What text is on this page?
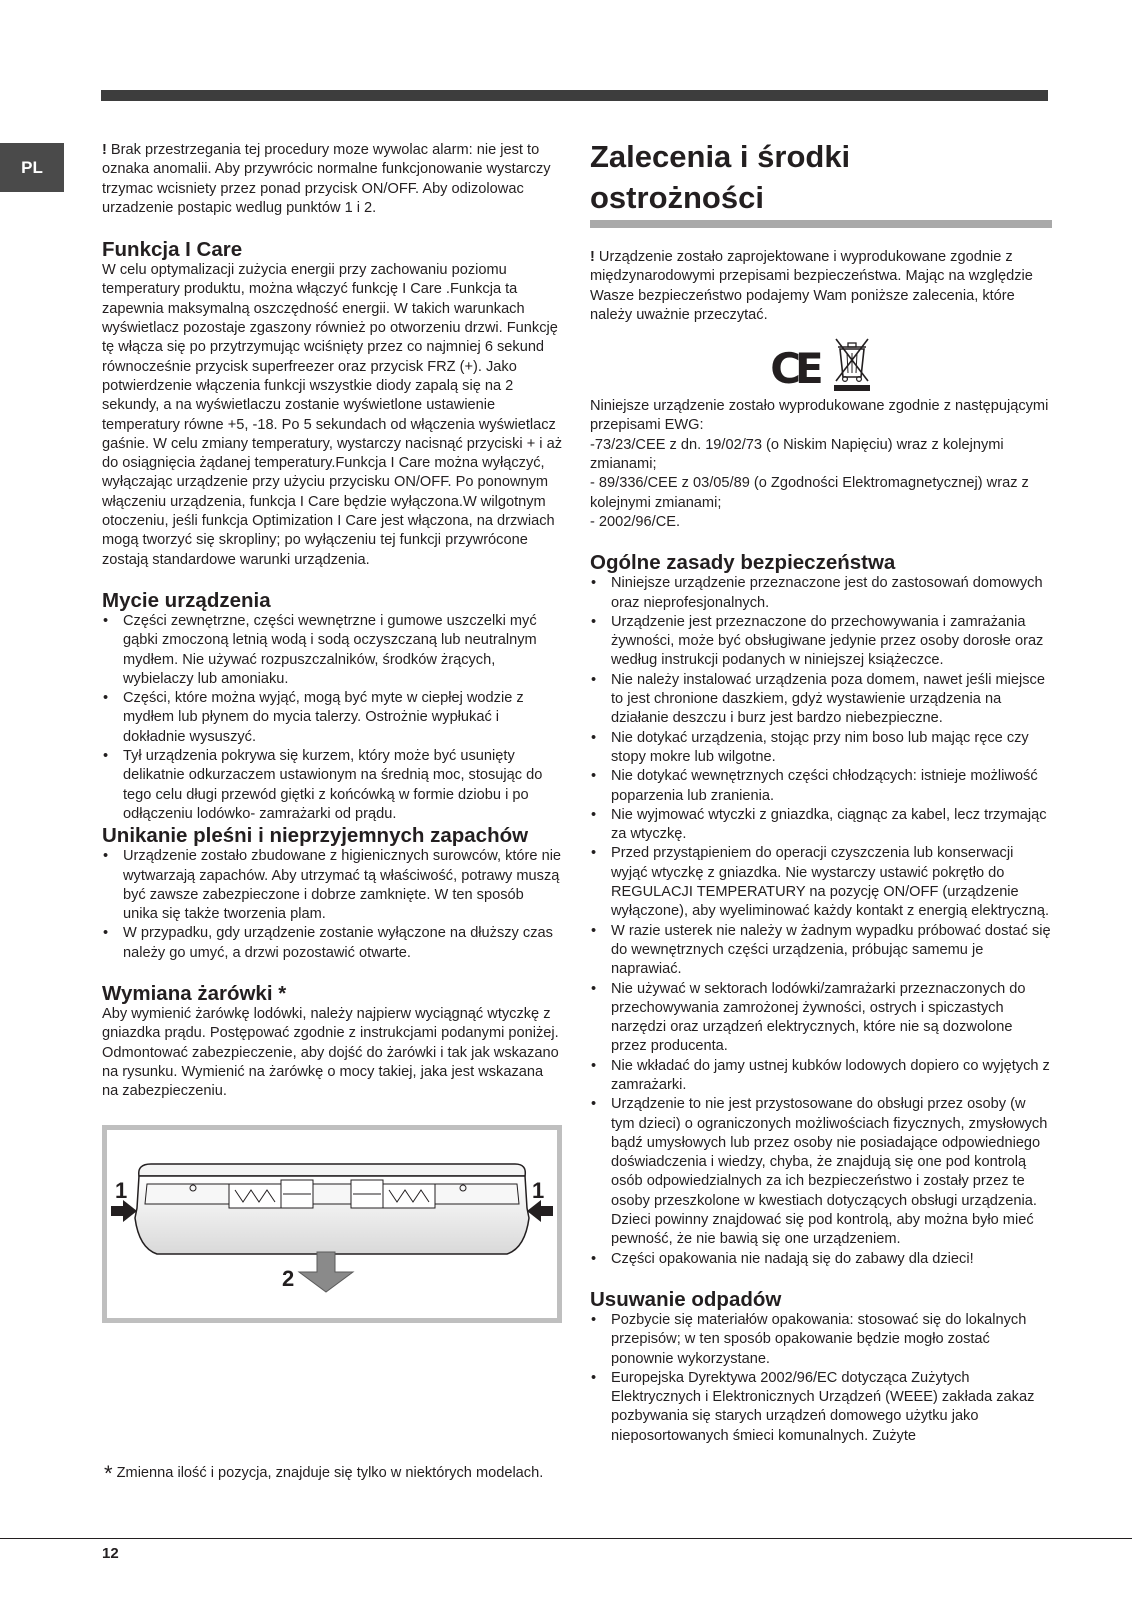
PL

! Brak przestrzegania tej procedury moze wywolac alarm: nie jest to oznaka anomalii. Aby przywrócic normalne funkcjonowanie wystarczy trzymac wcisniety przez ponad przycisk ON/OFF. Aby odizolowac urzadzenie postapic wedlug punktów 1 i 2.

Funkcja I Care

W celu optymalizacji zużycia energii przy zachowaniu poziomu temperatury produktu, można włączyć funkcję I Care .Funkcja ta zapewnia maksymalną oszczędność energii. W takich warunkach wyświetlacz pozostaje zgaszony również po otworzeniu drzwi. Funkcję tę włącza się po przytrzymując wciśnięty przez co najmniej 6 sekund równocześnie przycisk superfreezer oraz przycisk FRZ (+). Jako potwierdzenie włączenia funkcji wszystkie diody zapalą się na 2 sekundy, a na wyświetlaczu zostanie wyświetlone ustawienie temperatury równe +5, -18. Po 5 sekundach od włączenia wyświetlacz gaśnie. W celu zmiany temperatury, wystarczy nacisnąć przyciski + i aż do osiągnięcia żądanej temperatury.Funkcja I Care można wyłączyć, wyłączając urządzenie przy użyciu przycisku ON/OFF. Po ponownym włączeniu urządzenia, funkcja I Care będzie wyłączona.W wilgotnym otoczeniu, jeśli funkcja Optimization I Care jest włączona, na drzwiach mogą tworzyć się skropliny; po wyłączeniu tej funkcji przywrócone zostają standardowe warunki urządzenia.

Mycie urządzenia
• Części zewnętrzne, części wewnętrzne i gumowe uszczelki myć gąbki zmoczoną letnią wodą i sodą oczyszczaną lub neutralnym mydłem. Nie używać rozpuszczalników, środków żrących, wybielaczy lub amoniaku.
• Części, które można wyjąć, mogą być myte w ciepłej wodzie z mydłem lub płynem do mycia talerzy. Ostrożnie wypłukać i dokładnie wysuszyć.
• Tył urządzenia pokrywa się kurzem, który może być usunięty delikatnie odkurzaczem ustawionym na średnią moc, stosując do tego celu długi przewód giętki z końcówką w formie dziobu i po odłączeniu lodówko- zamrażarki od prądu.
Unikanie pleśni i nieprzyjemnych zapachów
• Urządzenie zostało zbudowane z higienicznych surowców, które nie wytwarzają zapachów. Aby utrzymać tą właściwość, potrawy muszą być zawsze zabezpieczone i dobrze zamknięte. W ten sposób unika się także tworzenia plam.
• W przypadku, gdy urządzenie zostanie wyłączone na dłuższy czas należy go umyć, a drzwi pozostawić otwarte.
Wymiana żarówki *

Aby wymienić żarówkę lodówki, należy najpierw wyciągnąć wtyczkę z gniazdka prądu. Postępować zgodnie z instrukcjami podanymi poniżej. Odmontować zabezpieczenie, aby dojść do żarówki i tak jak wskazano na rysunku. Wymienić na żarówkę o mocy takiej, jaka jest wskazana na zabezpieczeniu.

1	1
2
* Zmienna ilość i pozycja, znajduje się tylko w niektórych modelach.
Zalecenia i środki
ostrożności

! Urządzenie zostało zaprojektowane i wyprodukowane zgodnie z międzynarodowymi przepisami bezpieczeństwa. Mając na względzie Wasze bezpieczeństwo podajemy Wam poniższe zalecenia, które należy uważnie przeczytać.

CE

Niniejsze urządzenie zostało wyprodukowane zgodnie z następującymi przepisami EWG:

-73/23/CEE z dn. 19/02/73 (o Niskim Napięciu) wraz z kolejnymi zmianami;

- 89/336/CEE z 03/05/89 (o Zgodności Elektromagnetycznej) wraz z kolejnymi zmianami;

- 2002/96/CE.

Ogólne zasady bezpieczeństwa
• Niniejsze urządzenie przeznaczone jest do zastosowań domowych oraz nieprofesjonalnych.
• Urządzenie jest przeznaczone do przechowywania i zamrażania żywności, może być obsługiwane jedynie przez osoby dorosłe oraz według instrukcji podanych w niniejszej książeczce.
• Nie należy instalować urządzenia poza domem, nawet jeśli miejsce to jest chronione daszkiem, gdyż wystawienie urządzenia na działanie deszczu i burz jest bardzo niebezpieczne.
• Nie dotykać urządzenia, stojąc przy nim boso lub mając ręce czy stopy mokre lub wilgotne.
• Nie dotykać wewnętrznych części chłodzących: istnieje możliwość poparzenia lub zranienia.
• Nie wyjmować wtyczki z gniazdka, ciągnąc za kabel, lecz trzymając za wtyczkę.
• Przed przystąpieniem do operacji czyszczenia lub konserwacji wyjąć wtyczkę z gniazdka. Nie wystarczy ustawić pokrętło do REGULACJI TEMPERATURY na pozycję ON/OFF (urządzenie wyłączone), aby wyeliminować każdy kontakt z energią elektryczną.
• W razie usterek nie należy w żadnym wypadku próbować dostać się do wewnętrznych części urządzenia, próbując samemu je naprawiać.
• Nie używać w sektorach lodówki/zamrażarki przeznaczonych do przechowywania zamrożonej żywności, ostrych i spiczastych narzędzi oraz urządzeń elektrycznych, które nie są dozwolone przez producenta.
• Nie wkładać do jamy ustnej kubków lodowych dopiero co wyjętych z zamrażarki.
• Urządzenie to nie jest przystosowane do obsługi przez osoby (w tym dzieci) o ograniczonych możliwościach fizycznych, zmysłowych bądź umysłowych lub przez osoby nie posiadające odpowiedniego doświadczenia i wiedzy, chyba, że znajdują się one pod kontrolą osób odpowiedzialnych za ich bezpieczeństwo i zostały przez te osoby przeszkolone w kwestiach dotyczących obsługi urządzenia. Dzieci powinny znajdować się pod kontrolą, aby można było mieć pewność, że nie bawią się one urządzeniem.
• Części opakowania nie nadają się do zabawy dla dzieci!
Usuwanie odpadów
• Pozbycie się materiałów opakowania: stosować się do lokalnych przepisów; w ten sposób opakowanie będzie mogło zostać ponownie wykorzystane.
• Europejska Dyrektywa 2002/96/EC dotycząca Zużytych Elektrycznych i Elektronicznych Urządzeń (WEEE) zakłada zakaz pozbywania się starych urządzeń domowego użytku jako nieposortowanych śmieci komunalnych. Zużyte
12
